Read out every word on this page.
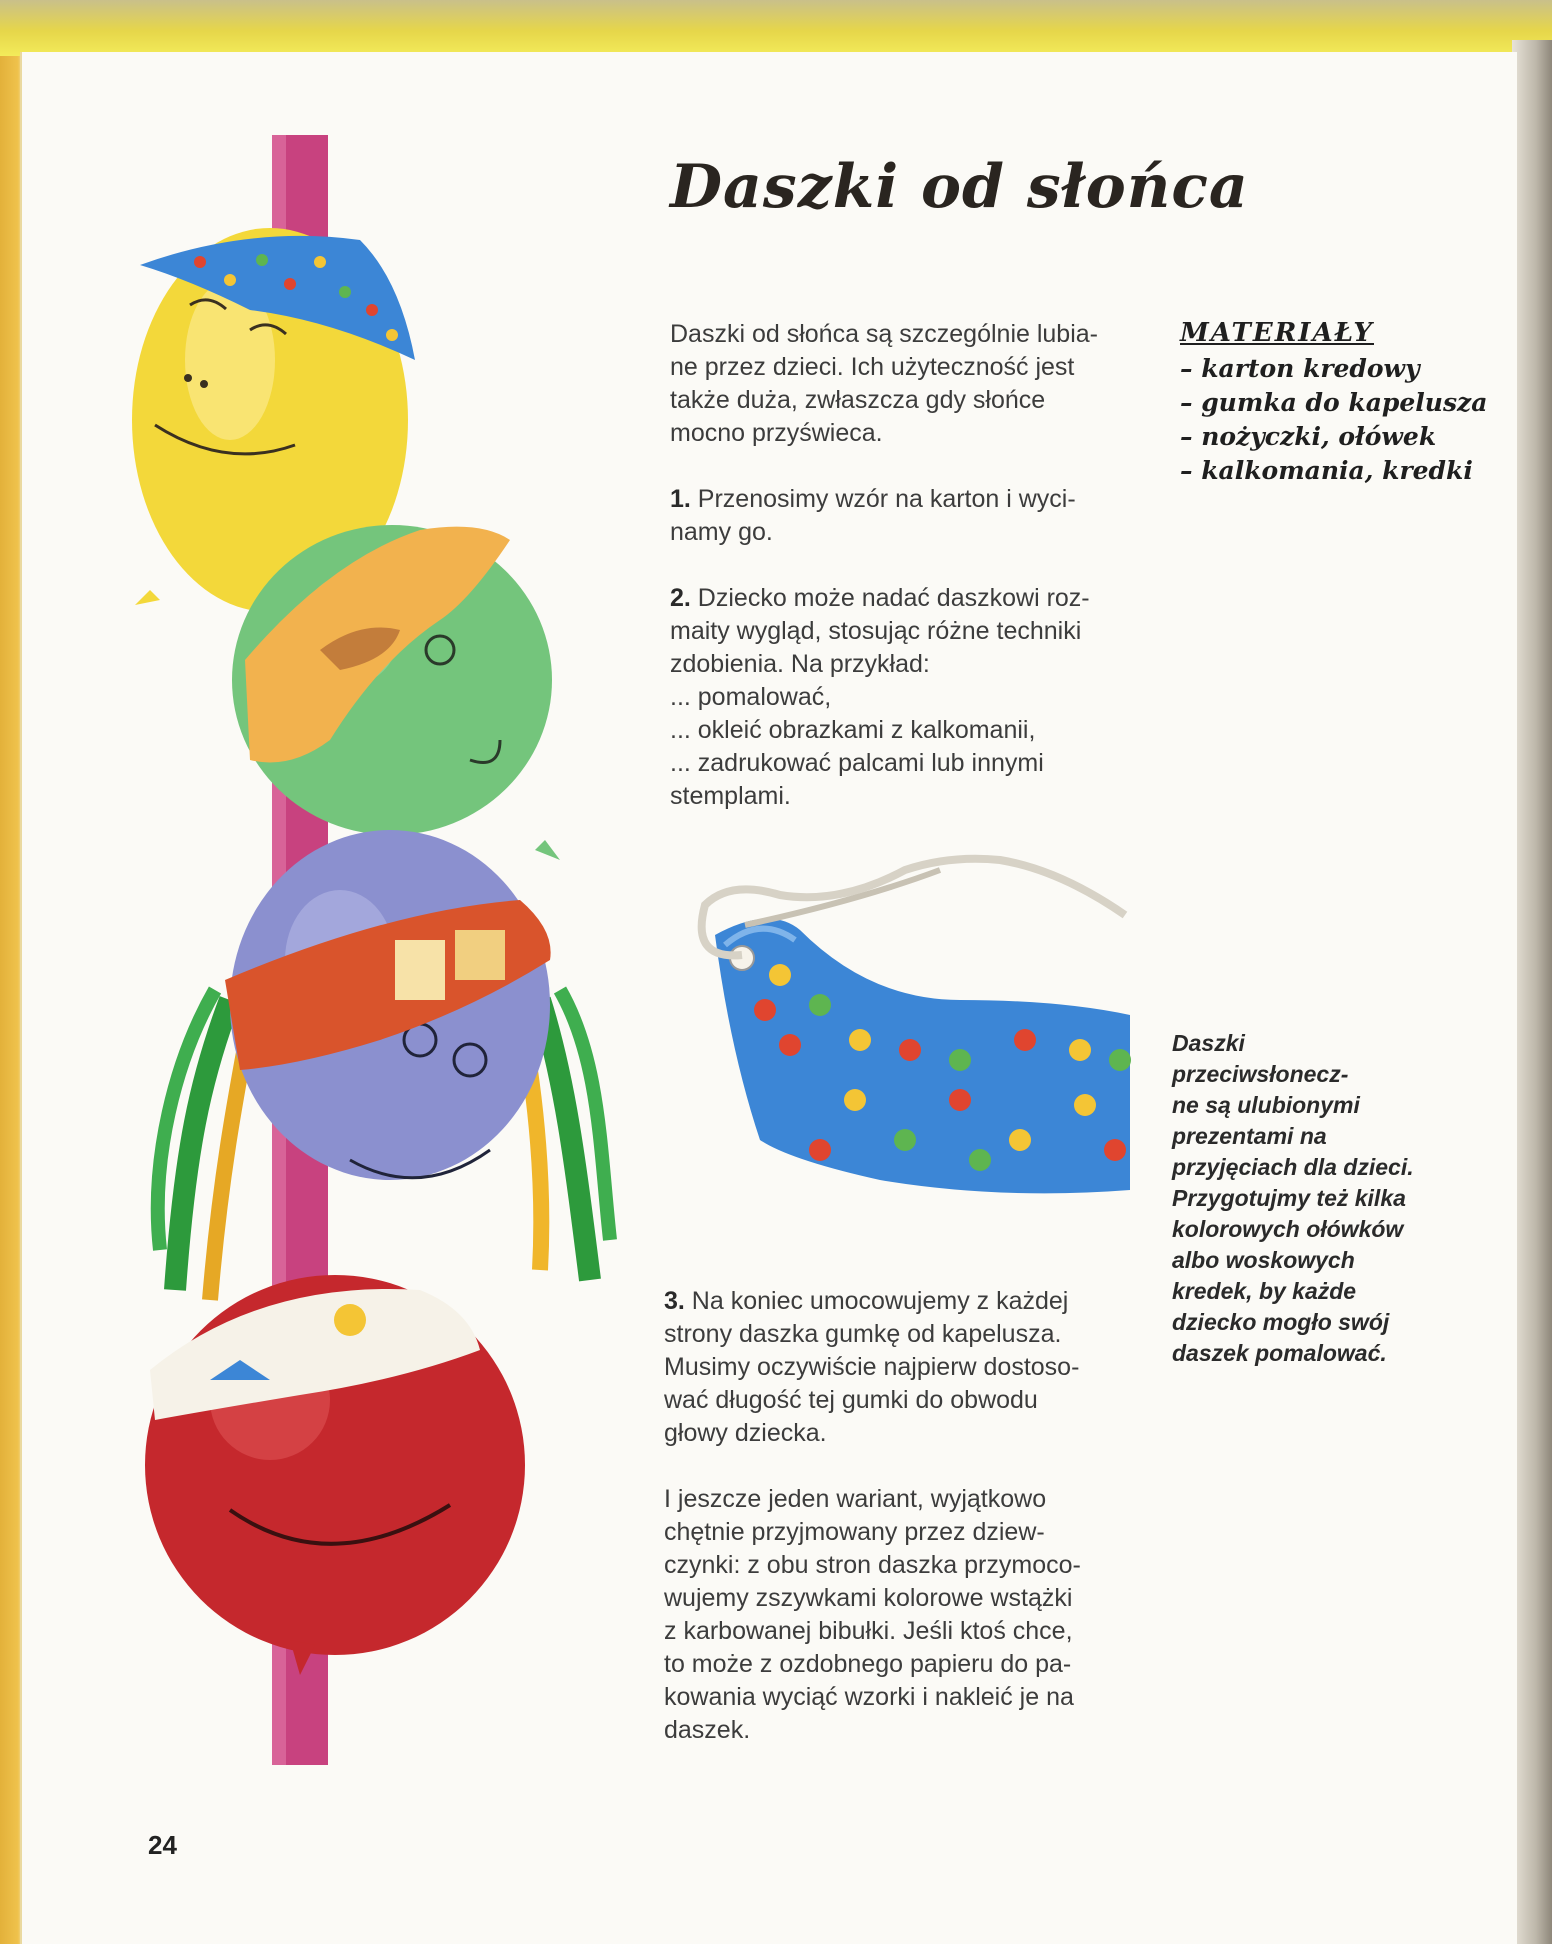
Daszki od słońca

Daszki od słońca są szczególnie lubia-
ne przez dzieci. Ich użyteczność jest
także duża, zwłaszcza gdy słońce
mocno przyświeca.

1. Przenosimy wzór na karton i wyci-
namy go.

2. Dziecko może nadać daszkowi roz-
maity wygląd, stosując różne techniki
zdobienia. Na przykład:
... pomalować,
... okleić obrazkami z kalkomanii,
... zadrukować palcami lub innymi
stemplami.

3. Na koniec umocowujemy z każdej
strony daszka gumkę od kapelusza.
Musimy oczywiście najpierw dostoso-
wać długość tej gumki do obwodu
głowy dziecka.

I jeszcze jeden wariant, wyjątkowo
chętnie przyjmowany przez dziew-
czynki: z obu stron daszka przymoco-
wujemy zszywkami kolorowe wstążki
z karbowanej bibułki. Jeśli ktoś chce,
to może z ozdobnego papieru do pa-
kowania wyciąć wzorki i nakleić je na
daszek.

MATERIAŁY
– karton kredowy
– gumka do kapelusza
– nożyczki, ołówek
– kalkomania, kredki
Daszki przeciwsłonecz-
ne są ulubionymi
prezentami na
przyjęciach dla dzieci.
Przygotujmy też kilka
kolorowych ołówków
albo woskowych
kredek, by każde
dziecko mogło swój
daszek pomalować.
24
